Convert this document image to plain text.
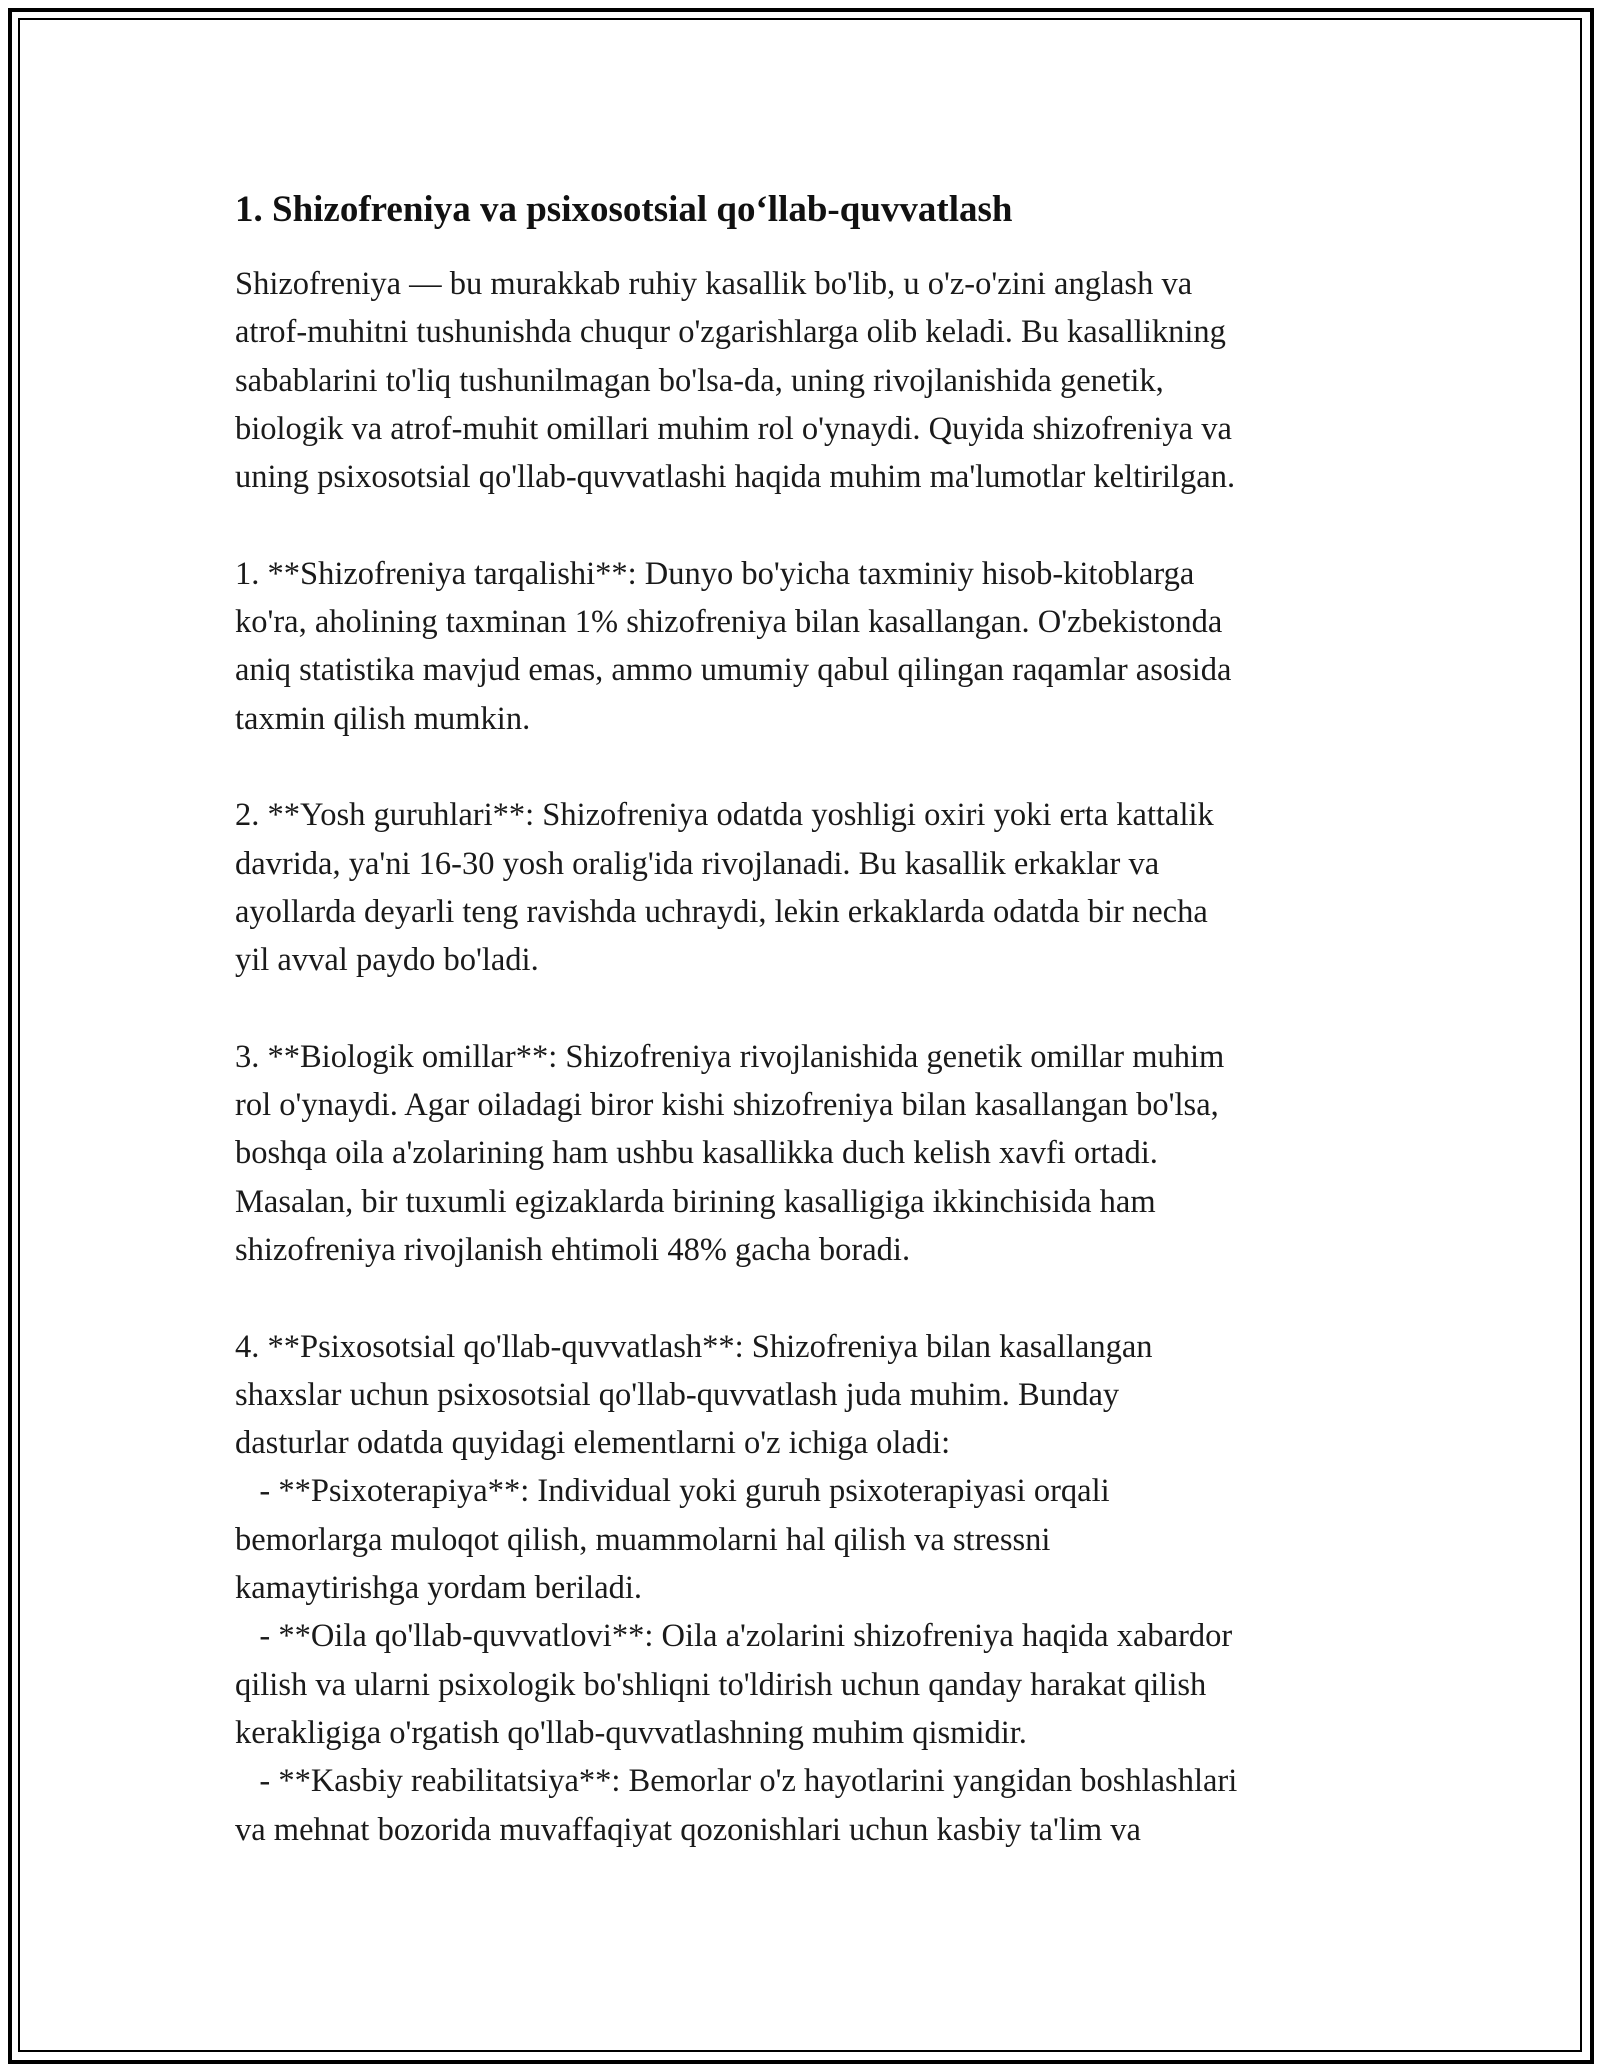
1. Shizofreniya va psixosotsial qo‘llab-quvvatlash

Shizofreniya — bu murakkab ruhiy kasallik bo'lib, u o'z-o'zini anglash va
atrof-muhitni tushunishda chuqur o'zgarishlarga olib keladi. Bu kasallikning
sabablarini to'liq tushunilmagan bo'lsa-da, uning rivojlanishida genetik,
biologik va atrof-muhit omillari muhim rol o'ynaydi. Quyida shizofreniya va
uning psixosotsial qo'llab-quvvatlashi haqida muhim ma'lumotlar keltirilgan.

1. **Shizofreniya tarqalishi**: Dunyo bo'yicha taxminiy hisob-kitoblarga
ko'ra, aholining taxminan 1% shizofreniya bilan kasallangan. O'zbekistonda
aniq statistika mavjud emas, ammo umumiy qabul qilingan raqamlar asosida
taxmin qilish mumkin.

2. **Yosh guruhlari**: Shizofreniya odatda yoshligi oxiri yoki erta kattalik
davrida, ya'ni 16-30 yosh oralig'ida rivojlanadi. Bu kasallik erkaklar va
ayollarda deyarli teng ravishda uchraydi, lekin erkaklarda odatda bir necha
yil avval paydo bo'ladi.

3. **Biologik omillar**: Shizofreniya rivojlanishida genetik omillar muhim
rol o'ynaydi. Agar oiladagi biror kishi shizofreniya bilan kasallangan bo'lsa,
boshqa oila a'zolarining ham ushbu kasallikka duch kelish xavfi ortadi.
Masalan, bir tuxumli egizaklarda birining kasalligiga ikkinchisida ham
shizofreniya rivojlanish ehtimoli 48% gacha boradi.

4. **Psixosotsial qo'llab-quvvatlash**: Shizofreniya bilan kasallangan
shaxslar uchun psixosotsial qo'llab-quvvatlash juda muhim. Bunday
dasturlar odatda quyidagi elementlarni o'z ichiga oladi:
- **Psixoterapiya**: Individual yoki guruh psixoterapiyasi orqali
bemorlarga muloqot qilish, muammolarni hal qilish va stressni
kamaytirishga yordam beriladi.
- **Oila qo'llab-quvvatlovi**: Oila a'zolarini shizofreniya haqida xabardor
qilish va ularni psixologik bo'shliqni to'ldirish uchun qanday harakat qilish
kerakligiga o'rgatish qo'llab-quvvatlashning muhim qismidir.
- **Kasbiy reabilitatsiya**: Bemorlar o'z hayotlarini yangidan boshlashlari
va mehnat bozorida muvaffaqiyat qozonishlari uchun kasbiy ta'lim va
